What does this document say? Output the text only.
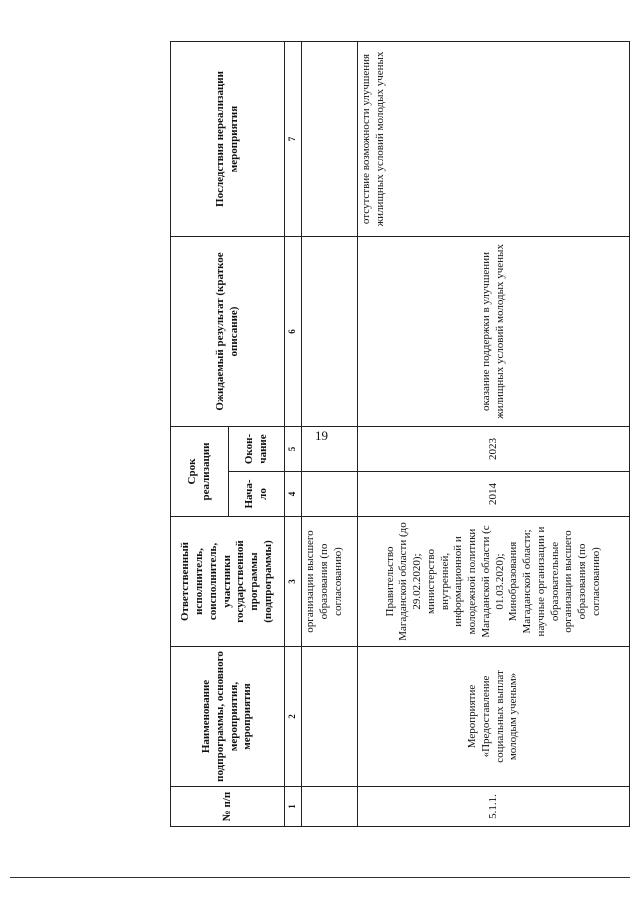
19
№ п/п	Наименование подпрограммы, основного мероприятия, мероприятия	Ответственный исполнитель, соисполнитель, участники государственной программы (подпрограммы)	Срок реализации		Ожидаемый результат (краткое описание)	Последствия нереализации мероприятия
			Нача-ло	Окон-чание		
1	2	3	4	5	6	7
		организации высшего образования (по согласованию)				
5.1.1.	Мероприятие «Предоставление социальных выплат молодым ученым»	Правительство Магаданской области (до 29.02.2020); министерство внутренней, информационной и молодежной политики Магаданской области (с 01.03.2020); Минобразования Магаданской области; научные организации и образовательные организации высшего образования (по согласованию)	2014	2023	оказание поддержки в улучшении жилищных условий молодых ученых	отсутствие возможности улучшения жилищных условий молодых ученых
